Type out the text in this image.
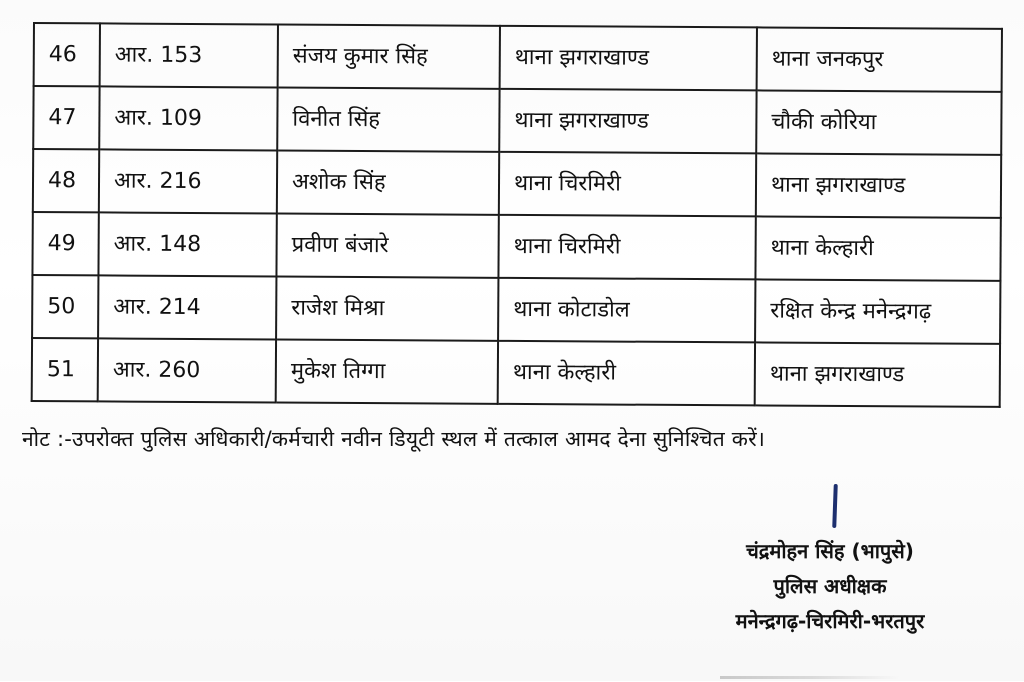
46	आर. 153	संजय कुमार सिंह	थाना झगराखाण्ड	थाना जनकपुर
47	आर. 109	विनीत सिंह	थाना झगराखाण्ड	चौकी कोरिया
48	आर. 216	अशोक सिंह	थाना चिरमिरी	थाना झगराखाण्ड
49	आर. 148	प्रवीण बंजारे	थाना चिरमिरी	थाना केल्हारी
50	आर. 214	राजेश मिश्रा	थाना कोटाडोल	रक्षित केन्द्र मनेन्द्रगढ़
51	आर. 260	मुकेश तिग्गा	थाना केल्हारी	थाना झगराखाण्ड
नोट :-उपरोक्त पुलिस अधिकारी/कर्मचारी नवीन डियूटी स्थल में तत्काल आमद देना सुनिश्चित करें।
चंद्रमोहन सिंह (भापुसे)
पुलिस अधीक्षक
मनेन्द्रगढ़-चिरमिरी-भरतपुर
